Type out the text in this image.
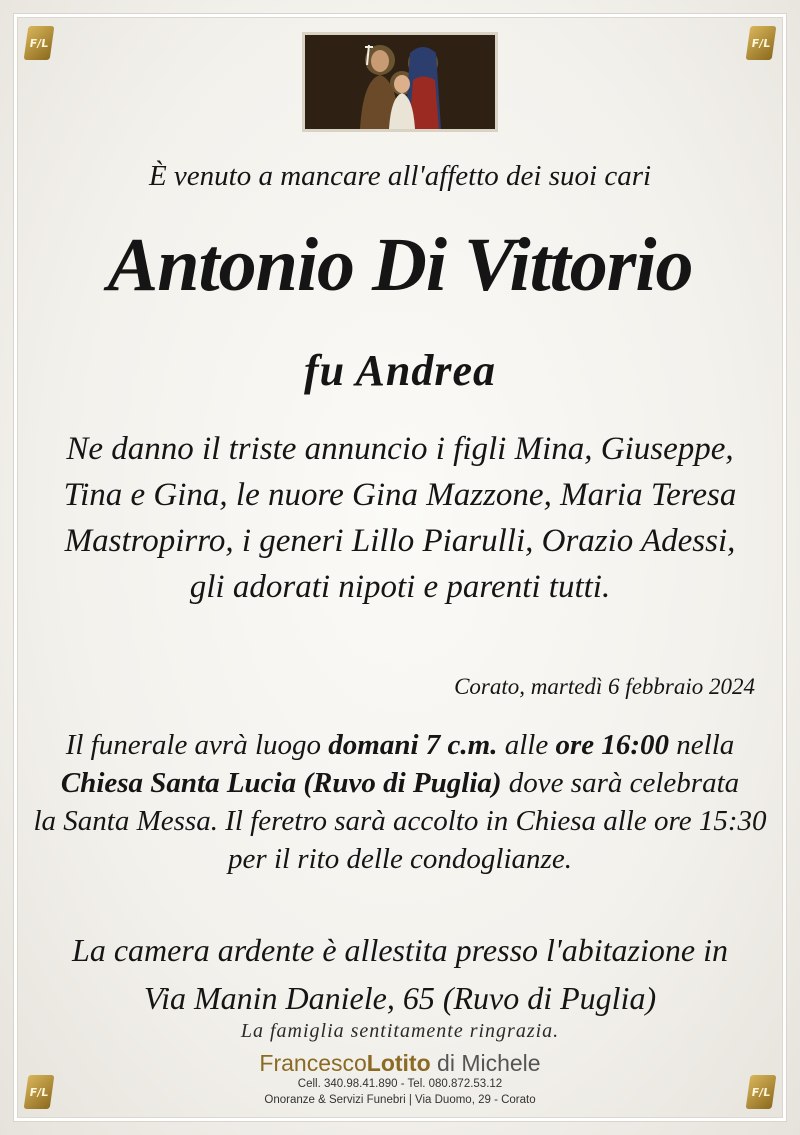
F/L	F/L
F/L	F/L
È venuto a mancare all'affetto dei suoi cari
Antonio Di Vittorio
fu Andrea
Ne danno il triste annuncio i figli Mina, Giuseppe,
Tina e Gina, le nuore Gina Mazzone, Maria Teresa
Mastropirro, i generi Lillo Piarulli, Orazio Adessi,
gli adorati nipoti e parenti tutti.
Corato, martedì 6 febbraio 2024
Il funerale avrà luogo domani 7 c.m. alle ore 16:00 nella
Chiesa Santa Lucia (Ruvo di Puglia) dove sarà celebrata
la Santa Messa. Il feretro sarà accolto in Chiesa alle ore 15:30
per il rito delle condoglianze.
La camera ardente è allestita presso l'abitazione in
Via Manin Daniele, 65 (Ruvo di Puglia)
La famiglia sentitamente ringrazia.
FrancescoLotito di Michele
Cell. 340.98.41.890 - Tel. 080.872.53.12
Onoranze & Servizi Funebri | Via Duomo, 29 - Corato
